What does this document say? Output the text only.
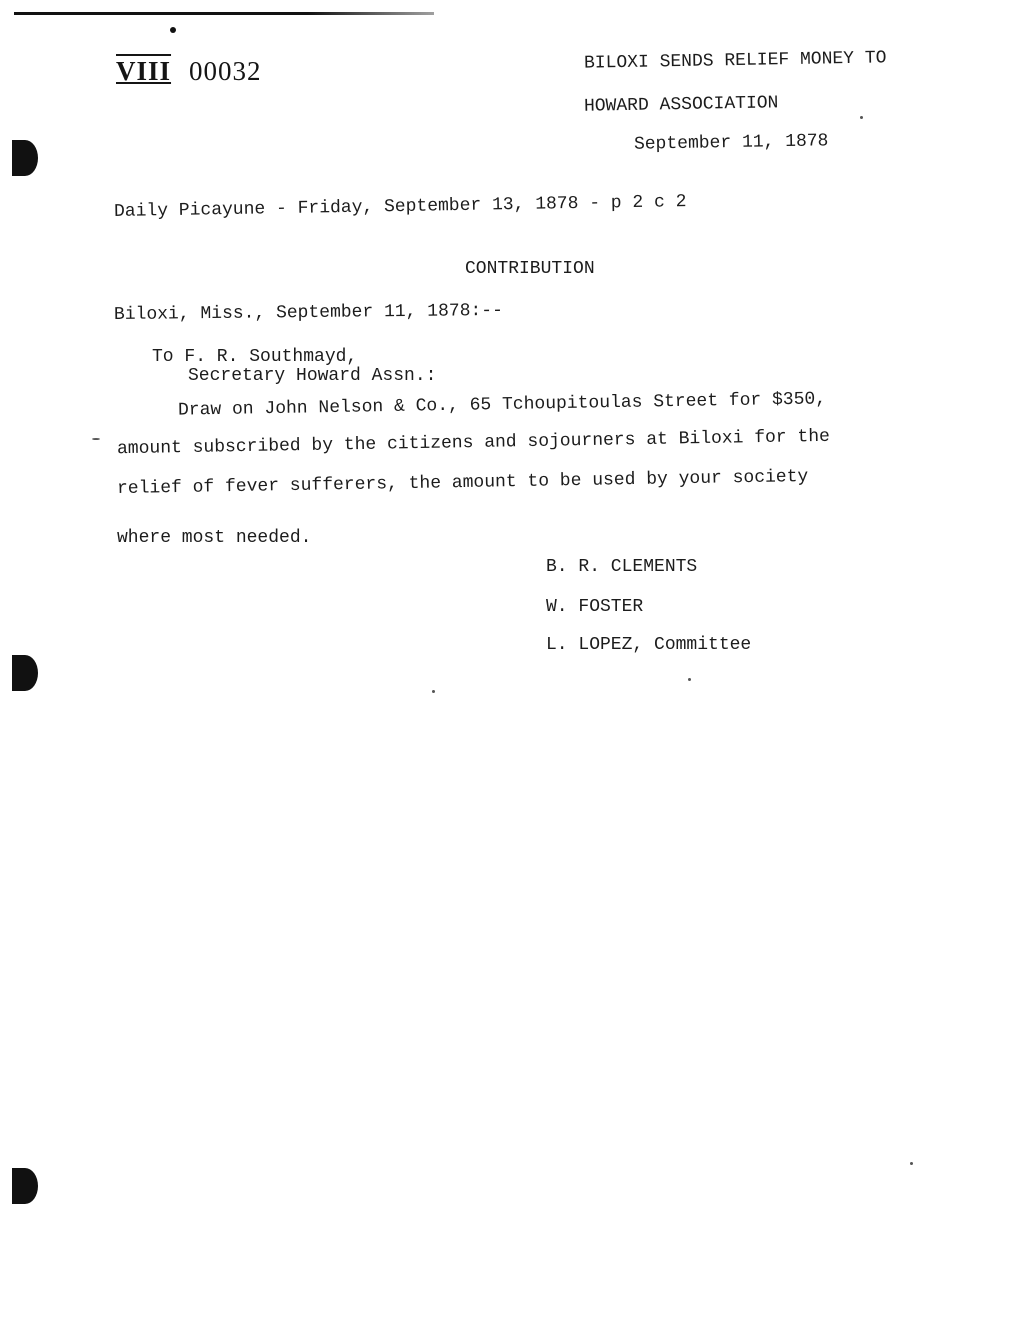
VIII 00032	BILOXI SENDS RELIEF MONEY TO
HOWARD ASSOCIATION
September 11, 1878
Daily Picayune - Friday, September 13, 1878 - p 2 c 2
CONTRIBUTION
Biloxi, Miss., September 11, 1878:--
To F. R. Southmayd,
Secretary Howard Assn.:
Draw on John Nelson & Co., 65 Tchoupitoulas Street for $350,
amount subscribed by the citizens and sojourners at Biloxi for the
relief of fever sufferers, the amount to be used by your society
where most needed.
B. R. CLEMENTS
W. FOSTER
L. LOPEZ, Committee
